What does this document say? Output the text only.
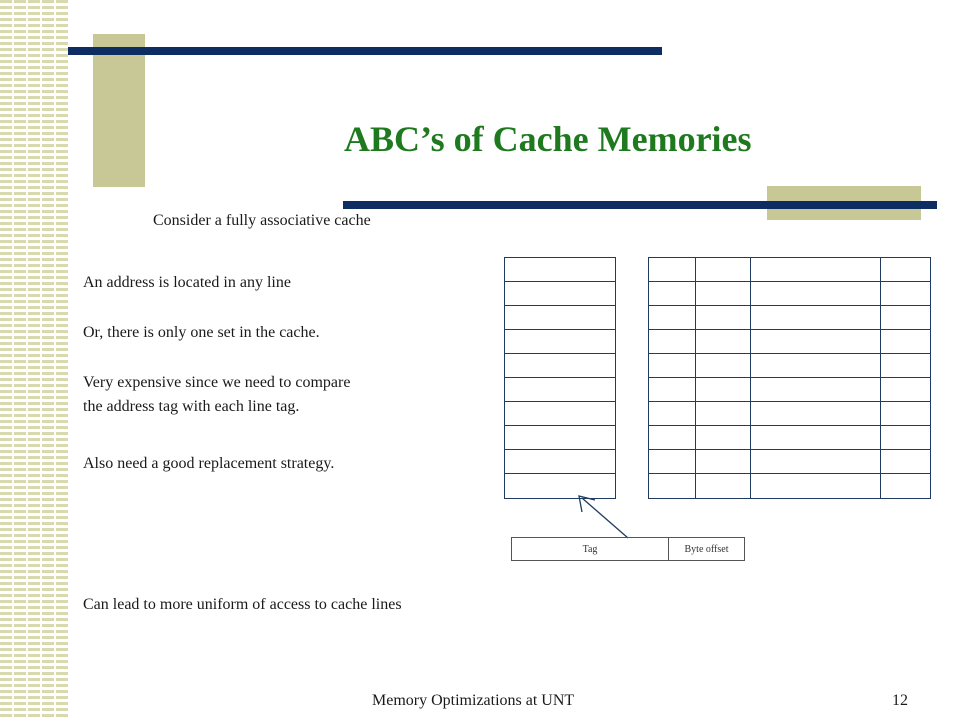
ABC’s of Cache Memories
Consider a fully associative cache
An address is located in any line
Or, there is only one set in the cache.
Very expensive since we need to compare
the address tag with each line tag.
Also need a good replacement strategy.
Tag	Byte offset
Can lead to more uniform of access to cache lines
Memory Optimizations at UNT	12
